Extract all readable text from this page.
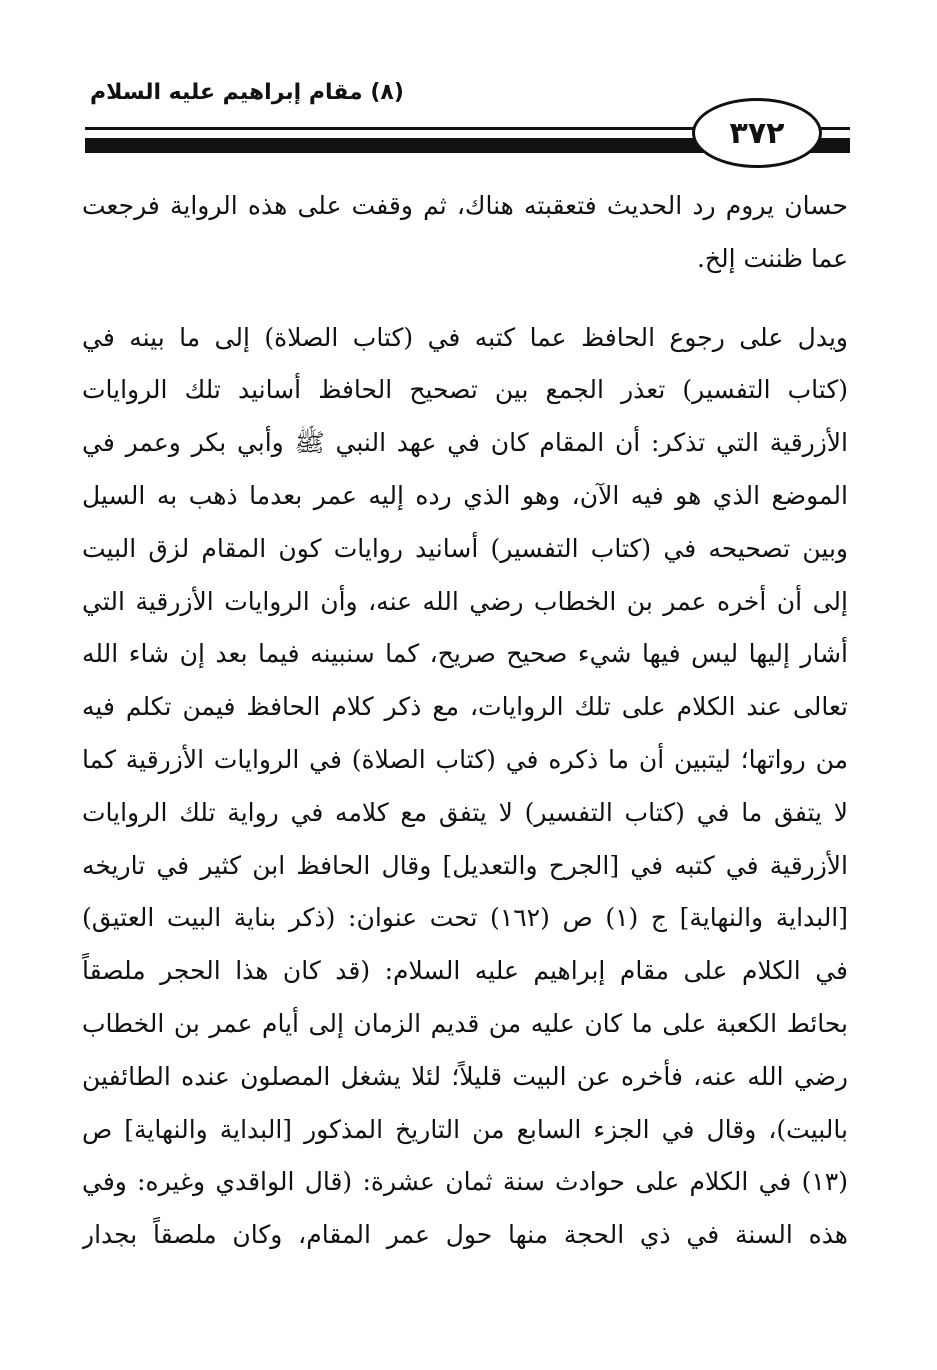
(٨) مقام إبراهيم عليه السلام
٣٧٢
حسان يروم رد الحديث فتعقبته هناك، ثم وقفت على هذه الرواية فرجعت
عما ظننت إلخ.
ويدل على رجوع الحافظ عما كتبه في (كتاب الصلاة) إلى ما بينه في
(كتاب التفسير) تعذر الجمع بين تصحيح الحافظ أسانيد تلك الروايات
الأزرقية التي تذكر: أن المقام كان في عهد النبي ﷺ وأبي بكر وعمر في
الموضع الذي هو فيه الآن، وهو الذي رده إليه عمر بعدما ذهب به السيل
وبين تصحيحه في (كتاب التفسير) أسانيد روايات كون المقام لزق البيت
إلى أن أخره عمر بن الخطاب رضي الله عنه، وأن الروايات الأزرقية التي
أشار إليها ليس فيها شيء صحيح صريح، كما سنبينه فيما بعد إن شاء الله
تعالى عند الكلام على تلك الروايات، مع ذكر كلام الحافظ فيمن تكلم فيه
من رواتها؛ ليتبين أن ما ذكره في (كتاب الصلاة) في الروايات الأزرقية كما
لا يتفق ما في (كتاب التفسير) لا يتفق مع كلامه في رواية تلك الروايات
الأزرقية في كتبه في [الجرح والتعديل] وقال الحافظ ابن كثير في تاريخه
[البداية والنهاية] ج (١) ص (١٦٢) تحت عنوان: (ذكر بناية البيت العتيق)
في الكلام على مقام إبراهيم عليه السلام: (قد كان هذا الحجر ملصقاً
بحائط الكعبة على ما كان عليه من قديم الزمان إلى أيام عمر بن الخطاب
رضي الله عنه، فأخره عن البيت قليلاً؛ لئلا يشغل المصلون عنده الطائفين
بالبيت)، وقال في الجزء السابع من التاريخ المذكور [البداية والنهاية] ص
(١٣) في الكلام على حوادث سنة ثمان عشرة: (قال الواقدي وغيره: وفي
هذه السنة في ذي الحجة منها حول عمر المقام، وكان ملصقاً بجدار
